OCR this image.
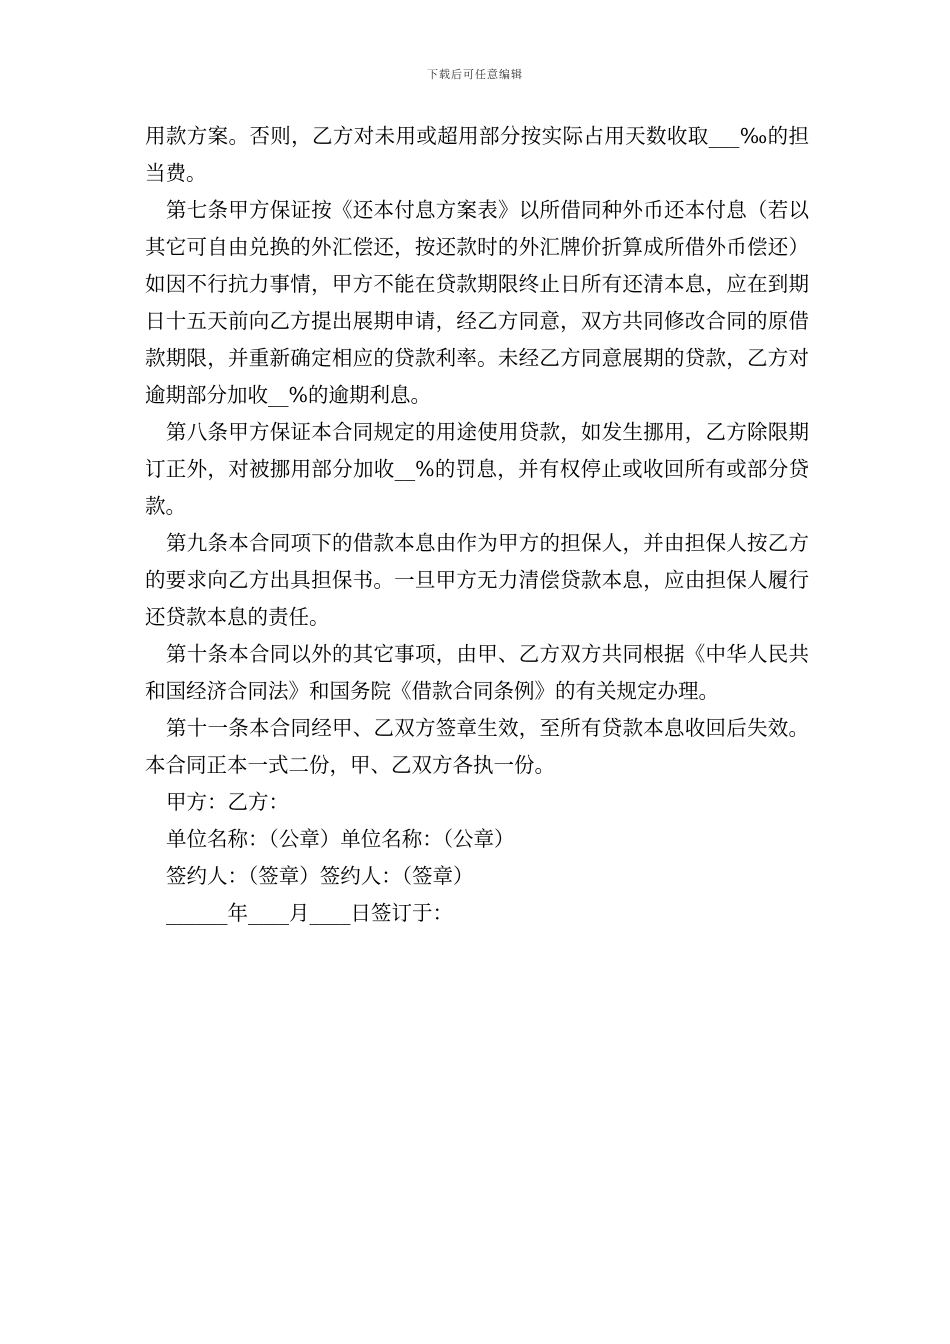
下载后可任意编辑

用款方案。否则，乙方对未用或超用部分按实际占用天数收取___‰的担当费。

第七条甲方保证按《还本付息方案表》以所借同种外币还本付息（若以其它可自由兑换的外汇偿还，按还款时的外汇牌价折算成所借外币偿还）如因不行抗力事情，甲方不能在贷款期限终止日所有还清本息，应在到期日十五天前向乙方提出展期申请，经乙方同意，双方共同修改合同的原借款期限，并重新确定相应的贷款利率。未经乙方同意展期的贷款，乙方对逾期部分加收__%的逾期利息。

第八条甲方保证本合同规定的用途使用贷款，如发生挪用，乙方除限期订正外，对被挪用部分加收__%的罚息，并有权停止或收回所有或部分贷款。

第九条本合同项下的借款本息由作为甲方的担保人，并由担保人按乙方的要求向乙方出具担保书。一旦甲方无力清偿贷款本息，应由担保人履行还贷款本息的责任。

第十条本合同以外的其它事项，由甲、乙方双方共同根据《中华人民共和国经济合同法》和国务院《借款合同条例》的有关规定办理。

第十一条本合同经甲、乙双方签章生效，至所有贷款本息收回后失效。本合同正本一式二份，甲、乙双方各执一份。

甲方：乙方：

单位名称：（公章）单位名称：（公章）

签约人：（签章）签约人：（签章）

______年____月____日签订于：
